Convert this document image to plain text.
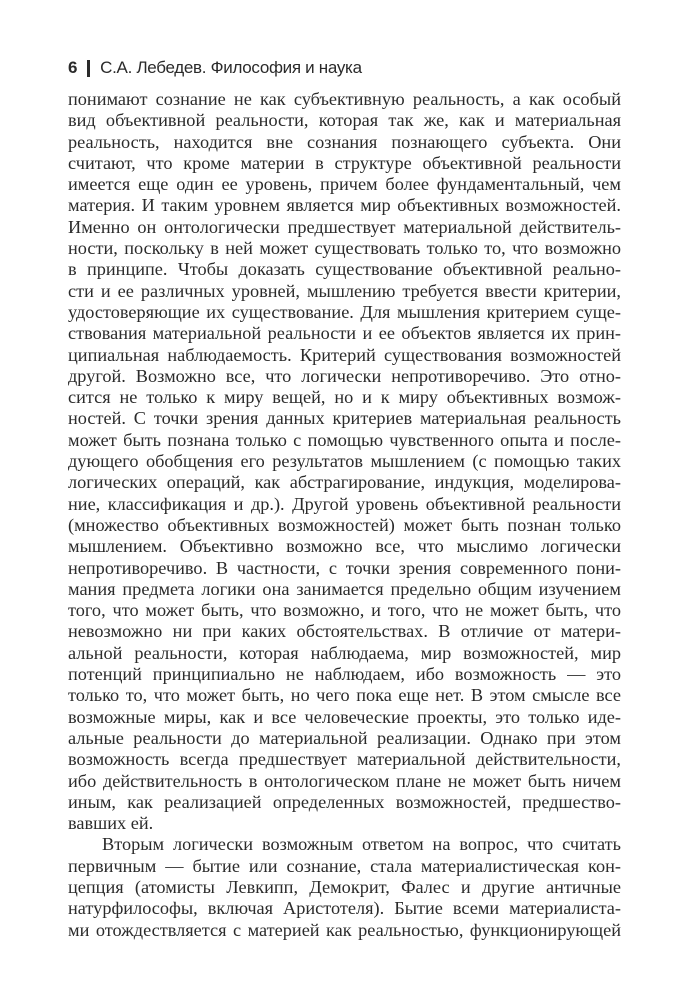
6 С.А. Лебедев. Философия и наука
понимают сознание не как субъективную реальность, а как особый
вид объективной реальности, которая так же, как и материальная
реальность, находится вне сознания познающего субъекта. Они
считают, что кроме материи в структуре объективной реальности
имеется еще один ее уровень, причем более фундаментальный, чем
материя. И таким уровнем является мир объективных возможностей.
Именно он онтологически предшествует материальной действитель-
ности, поскольку в ней может существовать только то, что возможно
в принципе. Чтобы доказать существование объективной реально-
сти и ее различных уровней, мышлению требуется ввести критерии,
удостоверяющие их существование. Для мышления критерием суще-
ствования материальной реальности и ее объектов является их прин-
ципиальная наблюдаемость. Критерий существования возможностей
другой. Возможно все, что логически непротиворечиво. Это отно-
сится не только к миру вещей, но и к миру объективных возмож-
ностей. С точки зрения данных критериев материальная реальность
может быть познана только с помощью чувственного опыта и после-
дующего обобщения его результатов мышлением (с помощью таких
логических операций, как абстрагирование, индукция, моделирова-
ние, классификация и др.). Другой уровень объективной реальности
(множество объективных возможностей) может быть познан только
мышлением. Объективно возможно все, что мыслимо логически
непротиворечиво. В частности, с точки зрения современного пони-
мания предмета логики она занимается предельно общим изучением
того, что может быть, что возможно, и того, что не может быть, что
невозможно ни при каких обстоятельствах. В отличие от матери-
альной реальности, которая наблюдаема, мир возможностей, мир
потенций принципиально не наблюдаем, ибо возможность — это
только то, что может быть, но чего пока еще нет. В этом смысле все
возможные миры, как и все человеческие проекты, это только иде-
альные реальности до материальной реализации. Однако при этом
возможность всегда предшествует материальной действительности,
ибо действительность в онтологическом плане не может быть ничем
иным, как реализацией определенных возможностей, предшество-
вавших ей.
Вторым логически возможным ответом на вопрос, что считать
первичным — бытие или сознание, стала материалистическая кон-
цепция (атомисты Левкипп, Демокрит, Фалес и другие античные
натурфилософы, включая Аристотеля). Бытие всеми материалиста-
ми отождествляется с материей как реальностью, функционирующей
